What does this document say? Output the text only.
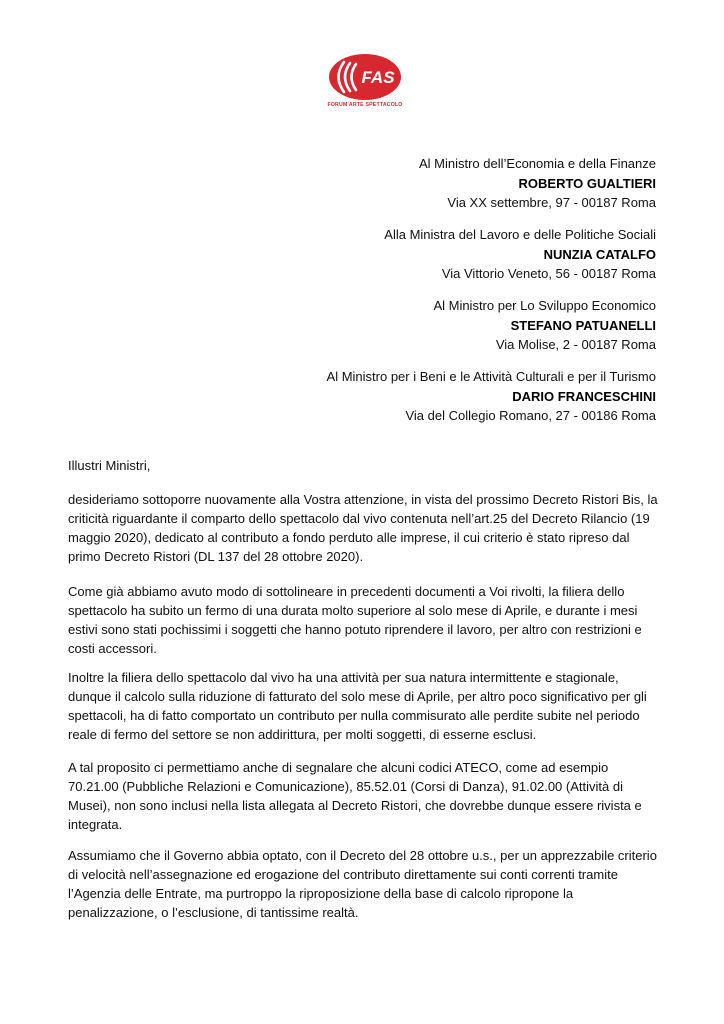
FAS
FORUM ARTE SPETTACOLO
Al Ministro dell’Economia e della Finanze
ROBERTO GUALTIERI
Via XX settembre, 97 - 00187 Roma
Alla Ministra del Lavoro e delle Politiche Sociali
NUNZIA CATALFO
Via Vittorio Veneto, 56 - 00187 Roma
Al Ministro per Lo Sviluppo Economico
STEFANO PATUANELLI
Via Molise, 2 - 00187 Roma
Al Ministro per i Beni e le Attività Culturali e per il Turismo
DARIO FRANCESCHINI
Via del Collegio Romano, 27 - 00186 Roma
Illustri Ministri,

desideriamo sottoporre nuovamente alla Vostra attenzione, in vista del prossimo Decreto Ristori Bis, la criticità riguardante il comparto dello spettacolo dal vivo contenuta nell’art.25 del Decreto Rilancio (19 maggio 2020), dedicato al contributo a fondo perduto alle imprese, il cui criterio è stato ripreso dal primo Decreto Ristori (DL 137 del 28 ottobre 2020).

Come già abbiamo avuto modo di sottolineare in precedenti documenti a Voi rivolti, la filiera dello spettacolo ha subito un fermo di una durata molto superiore al solo mese di Aprile, e durante i mesi estivi sono stati pochissimi i soggetti che hanno potuto riprendere il lavoro, per altro con restrizioni e costi accessori.

Inoltre la filiera dello spettacolo dal vivo ha una attività per sua natura intermittente e stagionale, dunque il calcolo sulla riduzione di fatturato del solo mese di Aprile, per altro poco significativo per gli spettacoli, ha di fatto comportato un contributo per nulla commisurato alle perdite subite nel periodo reale di fermo del settore se non addirittura, per molti soggetti, di esserne esclusi.

A tal proposito ci permettiamo anche di segnalare che alcuni codici ATECO, come ad esempio 70.21.00 (Pubbliche Relazioni e Comunicazione), 85.52.01 (Corsi di Danza), 91.02.00 (Attività di Musei), non sono inclusi nella lista allegata al Decreto Ristori, che dovrebbe dunque essere rivista e integrata.

Assumiamo che il Governo abbia optato, con il Decreto del 28 ottobre u.s., per un apprezzabile criterio di velocità nell’assegnazione ed erogazione del contributo direttamente sui conti correnti tramite l’Agenzia delle Entrate, ma purtroppo la riproposizione della base di calcolo ripropone la penalizzazione, o l’esclusione, di tantissime realtà.
